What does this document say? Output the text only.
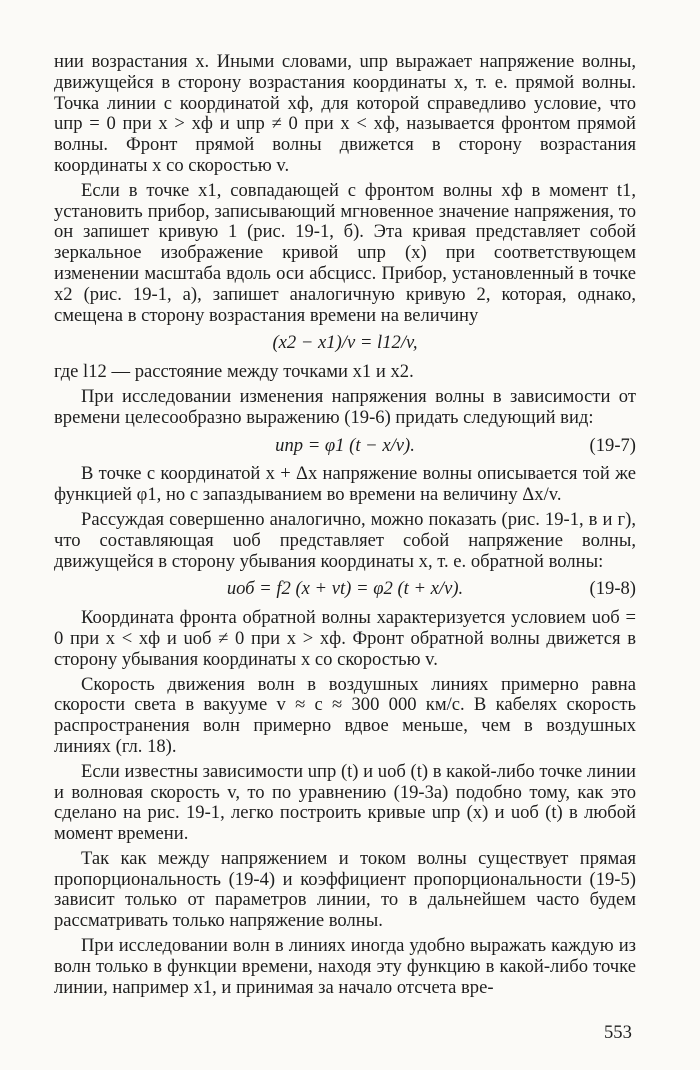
нии возрастания x. Иными словами, uпр выражает напряжение волны, движущейся в сторону возрастания координаты x, т. е. прямой волны. Точка линии с координатой xф, для которой справедливо условие, что uпр = 0 при x > xф и uпр ≠ 0 при x < xф, называется фронтом прямой волны. Фронт прямой волны движется в сторону возрастания координаты x со скоростью v.

Если в точке x1, совпадающей с фронтом волны xф в момент t1, установить прибор, записывающий мгновенное значение напряжения, то он запишет кривую 1 (рис. 19-1, б). Эта кривая представляет собой зеркальное изображение кривой uпр (x) при соответствующем изменении масштаба вдоль оси абсцисс. Прибор, установленный в точке x2 (рис. 19-1, а), запишет аналогичную кривую 2, которая, однако, смещена в сторону возрастания времени на величину

(x2 − x1)/v = l12/v,

где l12 — расстояние между точками x1 и x2.

При исследовании изменения напряжения волны в зависимости от времени целесообразно выражению (19-6) придать следующий вид:

uпр = φ1 (t − x/v).	(19-7)

В точке с координатой x + Δx напряжение волны описывается той же функцией φ1, но с запаздыванием во времени на величину Δx/v.

Рассуждая совершенно аналогично, можно показать (рис. 19-1, в и г), что составляющая uоб представляет собой напряжение волны, движущейся в сторону убывания координаты x, т. е. обратной волны:

uоб = f2 (x + vt) = φ2 (t + x/v).	(19-8)

Координата фронта обратной волны характеризуется условием uоб = 0 при x < xф и uоб ≠ 0 при x > xф. Фронт обратной волны движется в сторону убывания координаты x со скоростью v.

Скорость движения волн в воздушных линиях примерно равна скорости света в вакууме v ≈ c ≈ 300 000 км/с. В кабелях скорость распространения волн примерно вдвое меньше, чем в воздушных линиях (гл. 18).

Если известны зависимости uпр (t) и uоб (t) в какой-либо точке линии и волновая скорость v, то по уравнению (19-3а) подобно тому, как это сделано на рис. 19-1, легко построить кривые uпр (x) и uоб (t) в любой момент времени.

Так как между напряжением и током волны существует прямая пропорциональность (19-4) и коэффициент пропорциональности (19-5) зависит только от параметров линии, то в дальнейшем часто будем рассматривать только напряжение волны.

При исследовании волн в линиях иногда удобно выражать каждую из волн только в функции времени, находя эту функцию в какой-либо точке линии, например x1, и принимая за начало отсчета вре-

553
